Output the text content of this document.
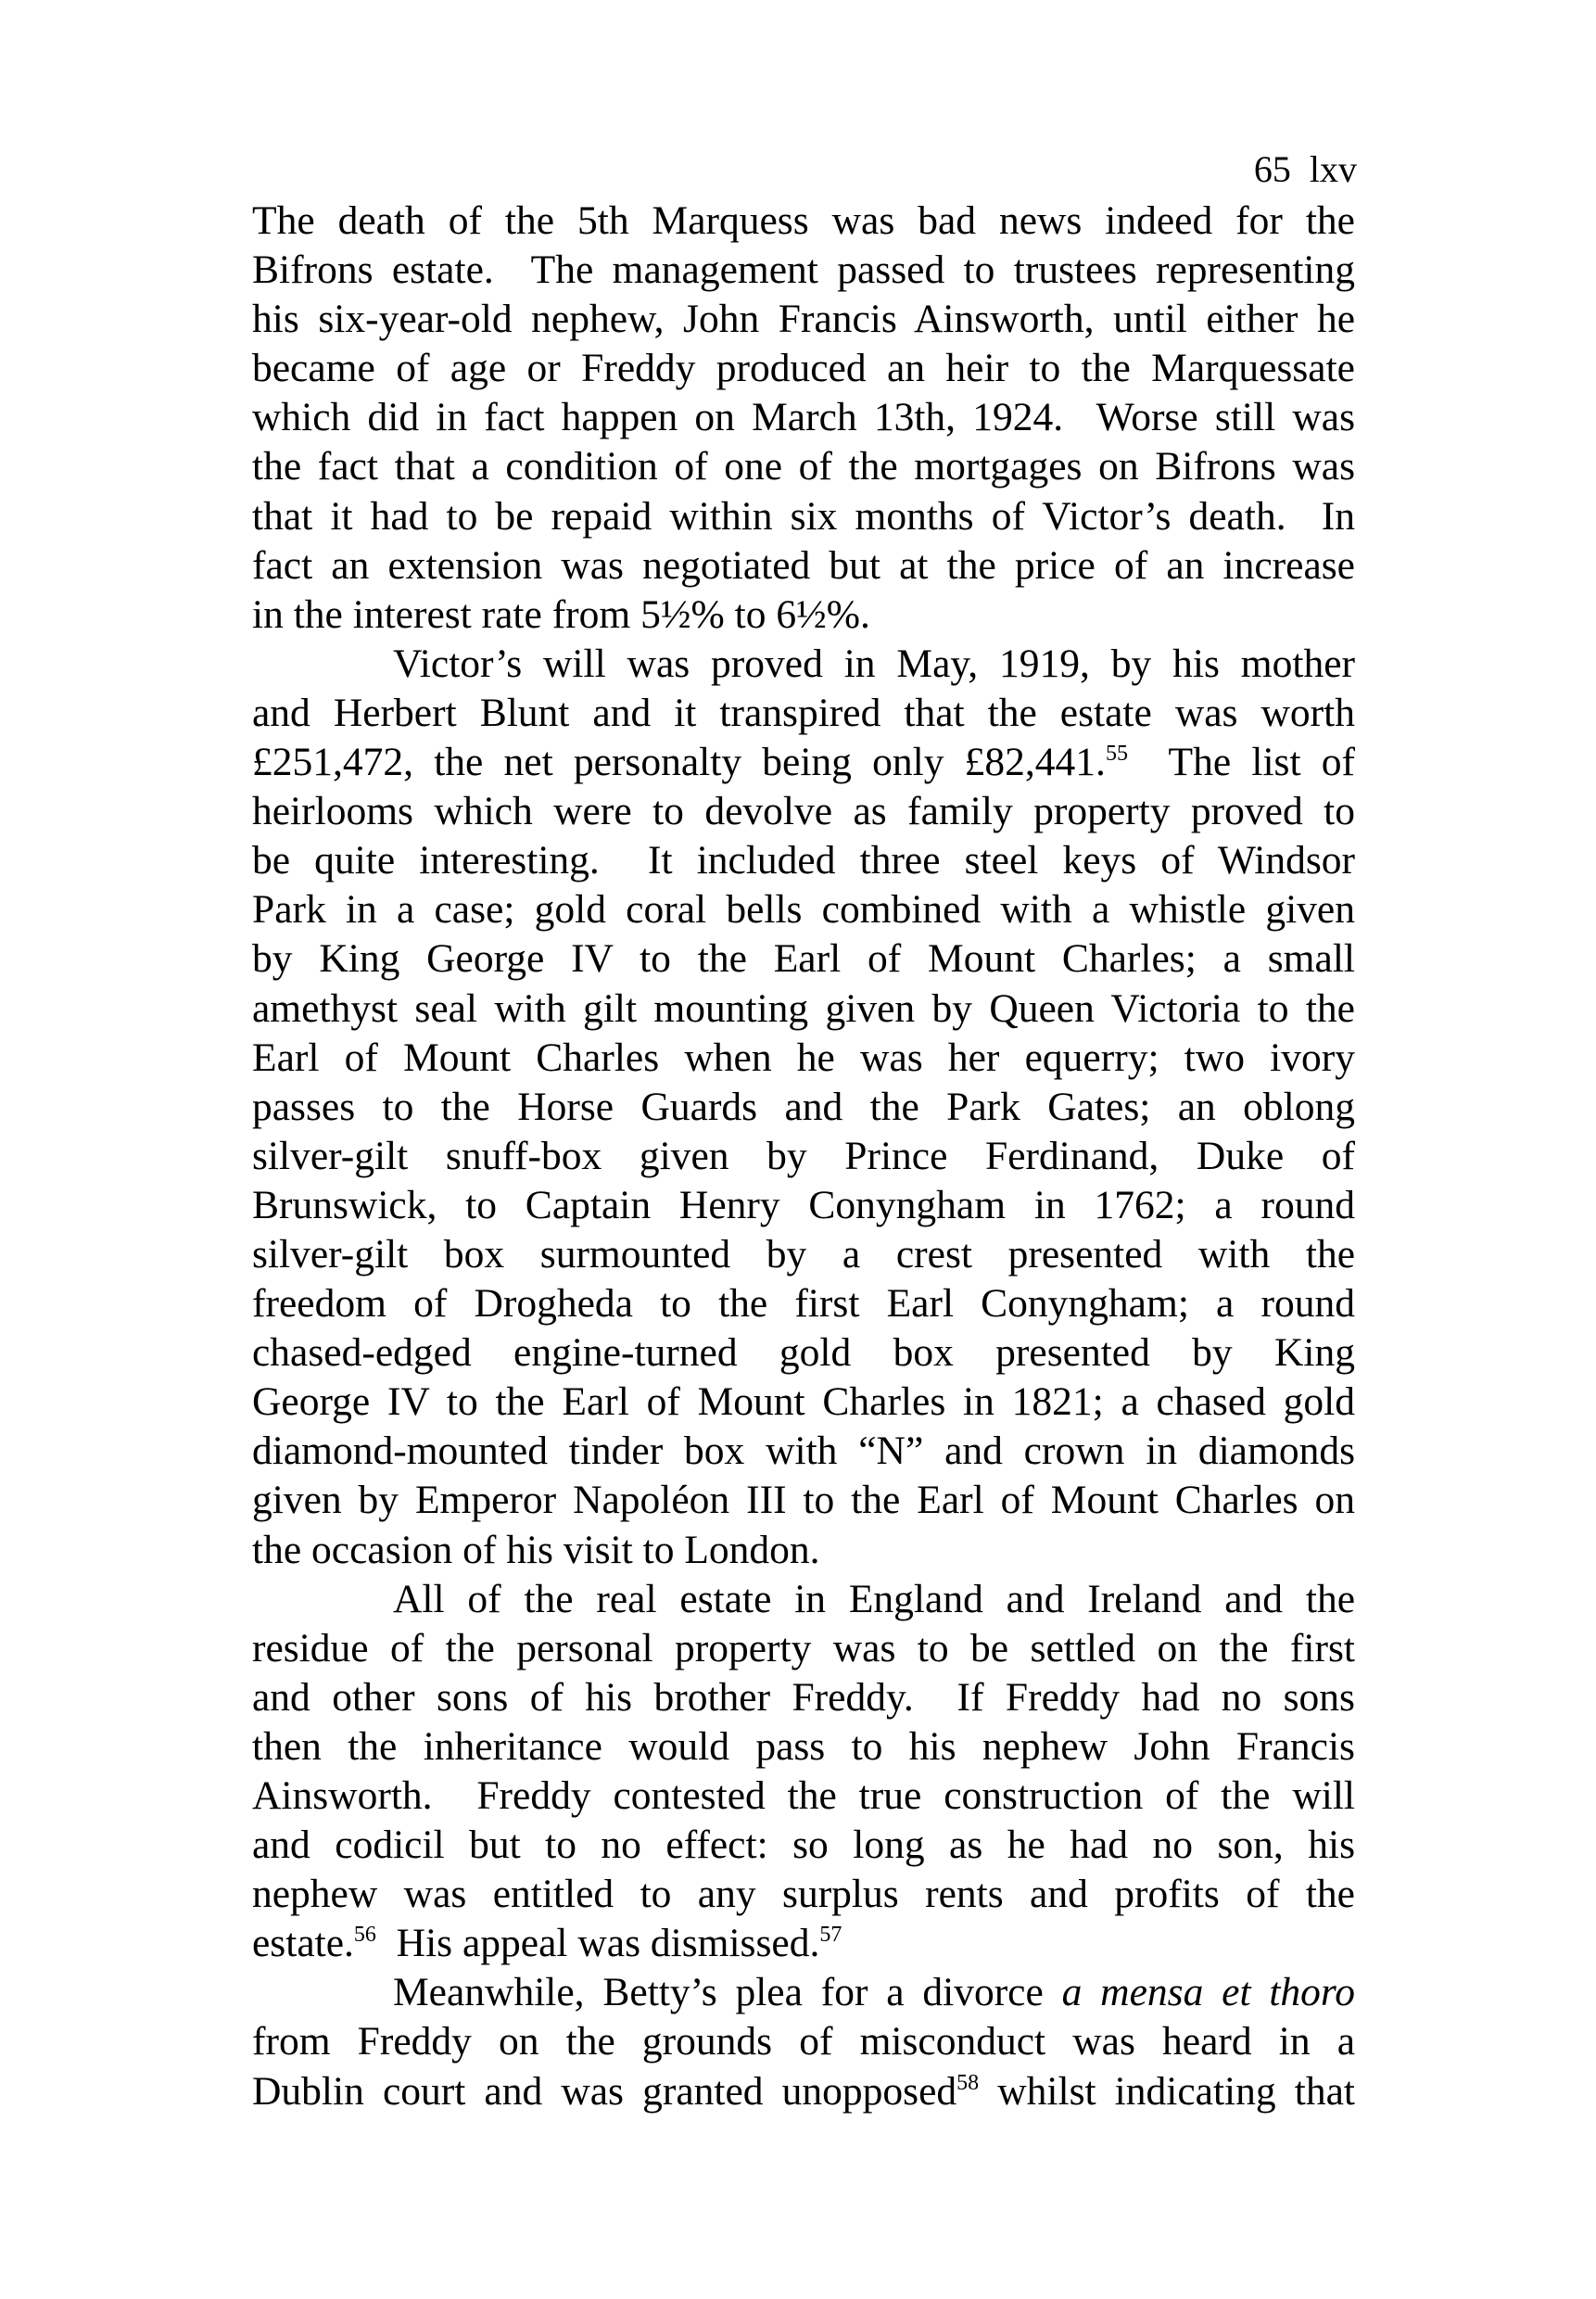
65 lxv

The death of the 5th Marquess was bad news indeed for the
Bifrons estate.  The management passed to trustees representing
his six-year-old nephew, John Francis Ainsworth, until either he
became of age or Freddy produced an heir to the Marquessate
which did in fact happen on March 13th, 1924.  Worse still was
the fact that a condition of one of the mortgages on Bifrons was
that it had to be repaid within six months of Victor’s death.  In
fact an extension was negotiated but at the price of an increase
in the interest rate from 5½% to 6½%.
Victor’s will was proved in May, 1919, by his mother
and Herbert Blunt and it transpired that the estate was worth
£251,472, the net personalty being only £82,441.55  The list of
heirlooms which were to devolve as family property proved to
be quite interesting.  It included three steel keys of Windsor
Park in a case; gold coral bells combined with a whistle given
by King George IV to the Earl of Mount Charles; a small
amethyst seal with gilt mounting given by Queen Victoria to the
Earl of Mount Charles when he was her equerry; two ivory
passes to the Horse Guards and the Park Gates; an oblong
silver-gilt snuff-box given by Prince Ferdinand, Duke of
Brunswick, to Captain Henry Conyngham in 1762; a round
silver-gilt box surmounted by a crest presented with the
freedom of Drogheda to the first Earl Conyngham; a round
chased-edged engine-turned gold box presented by King
George IV to the Earl of Mount Charles in 1821; a chased gold
diamond-mounted tinder box with “N” and crown in diamonds
given by Emperor Napoléon III to the Earl of Mount Charles on
the occasion of his visit to London.
All of the real estate in England and Ireland and the
residue of the personal property was to be settled on the first
and other sons of his brother Freddy.  If Freddy had no sons
then the inheritance would pass to his nephew John Francis
Ainsworth.  Freddy contested the true construction of the will
and codicil but to no effect: so long as he had no son, his
nephew was entitled to any surplus rents and profits of the
estate.$^{56}$  His appeal was dismissed.$^{57}$
Meanwhile, Betty’s plea for a divorce a mensa et thoro
from Freddy on the grounds of misconduct was heard in a
Dublin court and was granted unopposed$^{58}$ whilst indicating that
